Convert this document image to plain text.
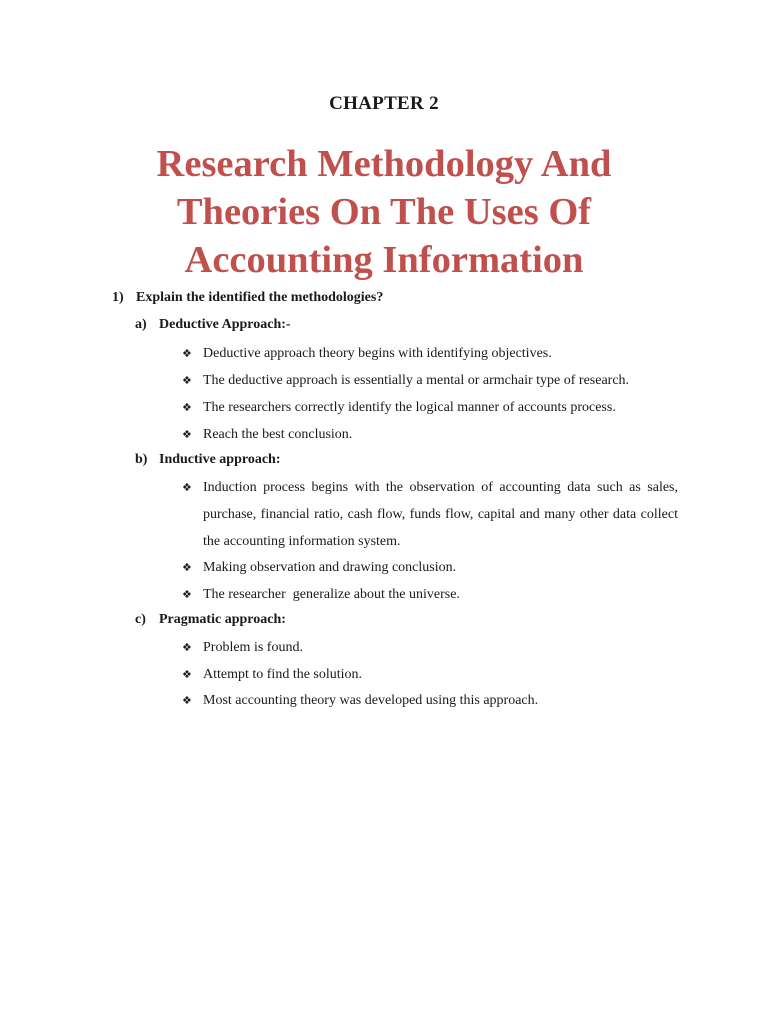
CHAPTER 2
Research Methodology And Theories On The Uses Of Accounting Information
1) Explain the identified the methodologies?
a) Deductive Approach:-
❖ Deductive approach theory begins with identifying objectives.
❖ The deductive approach is essentially a mental or armchair type of research.
❖ The researchers correctly identify the logical manner of accounts process.
❖ Reach the best conclusion.
b) Inductive approach:
❖ Induction process begins with the observation of accounting data such as sales, purchase, financial ratio, cash flow, funds flow, capital and many other data collect the accounting information system.
❖ Making observation and drawing conclusion.
❖ The researcher  generalize about the universe.
c) Pragmatic approach:
❖ Problem is found.
❖ Attempt to find the solution.
❖ Most accounting theory was developed using this approach.
